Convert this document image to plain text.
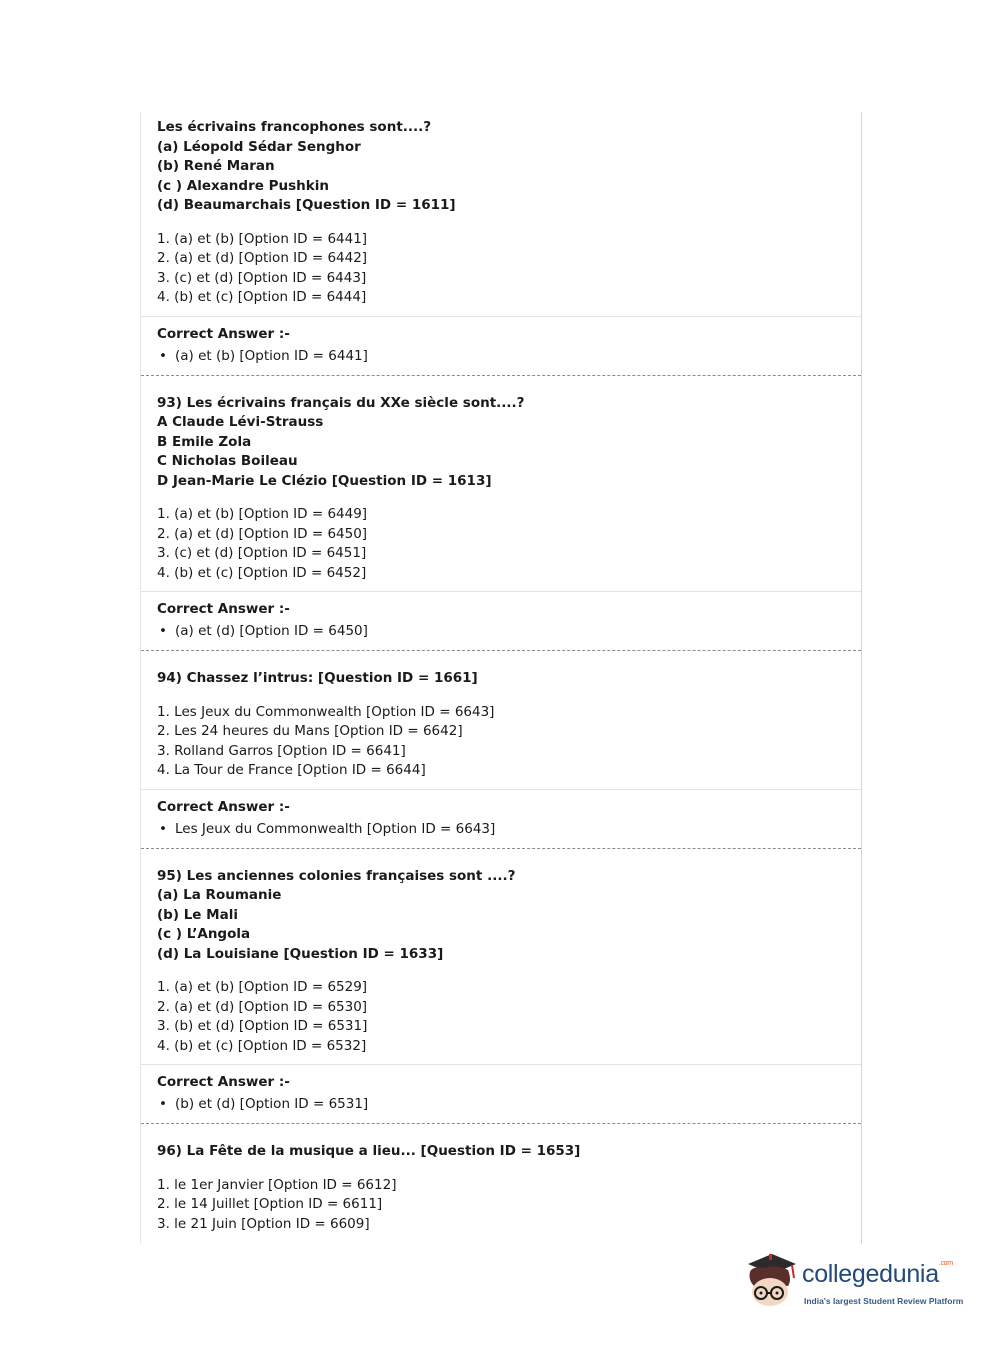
Les écrivains francophones sont....?
(a) Léopold Sédar Senghor
(b) René Maran
(c ) Alexandre Pushkin
(d) Beaumarchais [Question ID = 1611]
1. (a) et (b) [Option ID = 6441]
2. (a) et (d) [Option ID = 6442]
3. (c) et (d) [Option ID = 6443]
4. (b) et (c) [Option ID = 6444]
Correct Answer :-
• (a) et (b) [Option ID = 6441]
93) Les écrivains français du XXe siècle sont....?
A Claude Lévi-Strauss
B Emile Zola
C Nicholas Boileau
D Jean-Marie Le Clézio [Question ID = 1613]
1. (a) et (b) [Option ID = 6449]
2. (a) et (d) [Option ID = 6450]
3. (c) et (d) [Option ID = 6451]
4. (b) et (c) [Option ID = 6452]
Correct Answer :-
• (a) et (d) [Option ID = 6450]
94) Chassez l’intrus: [Question ID = 1661]
1. Les Jeux du Commonwealth [Option ID = 6643]
2. Les 24 heures du Mans [Option ID = 6642]
3. Rolland Garros [Option ID = 6641]
4. La Tour de France [Option ID = 6644]
Correct Answer :-
• Les Jeux du Commonwealth [Option ID = 6643]
95) Les anciennes colonies françaises sont ....?
(a) La Roumanie
(b) Le Mali
(c ) L’Angola
(d) La Louisiane [Question ID = 1633]
1. (a) et (b) [Option ID = 6529]
2. (a) et (d) [Option ID = 6530]
3. (b) et (d) [Option ID = 6531]
4. (b) et (c) [Option ID = 6532]
Correct Answer :-
• (b) et (d) [Option ID = 6531]
96) La Fête de la musique a lieu... [Question ID = 1653]
1. le 1er Janvier [Option ID = 6612]
2. le 14 Juillet [Option ID = 6611]
3. le 21 Juin [Option ID = 6609]
collegedunia$^{.com}$
India's largest Student Review Platform
